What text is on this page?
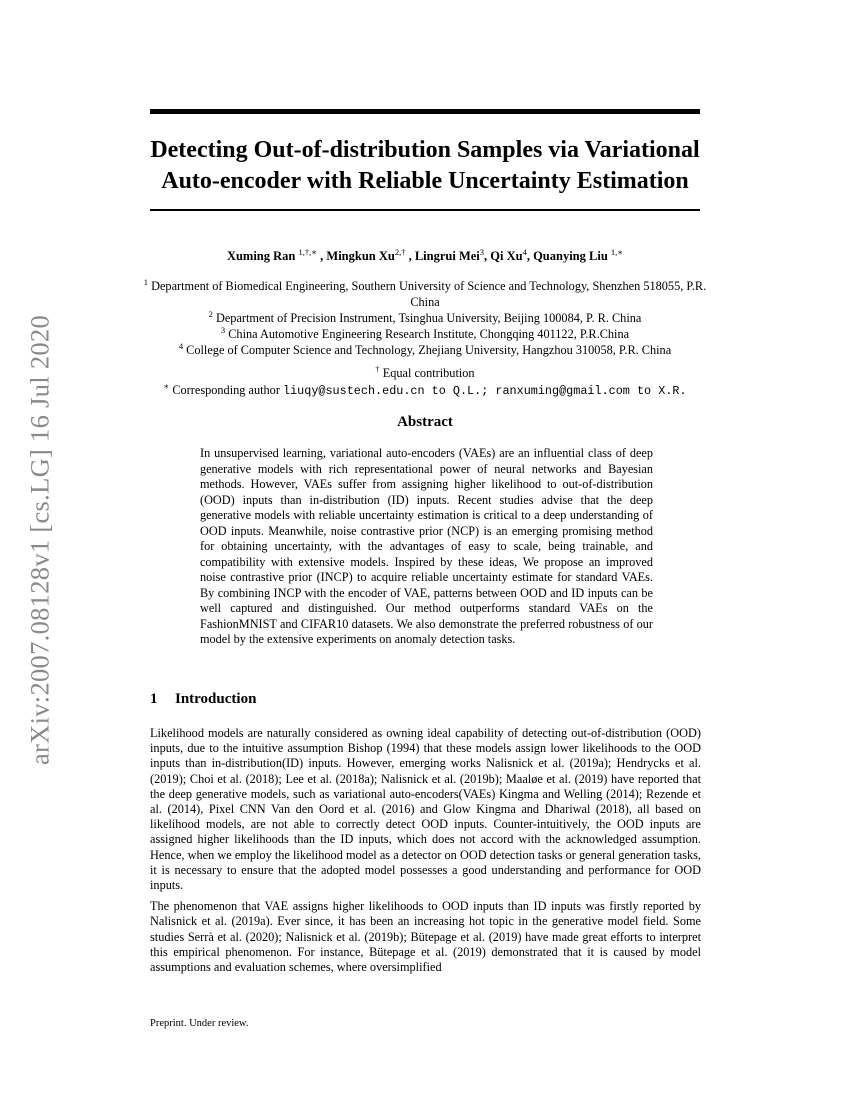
arXiv:2007.08128v1 [cs.LG] 16 Jul 2020
Detecting Out-of-distribution Samples via Variational Auto-encoder with Reliable Uncertainty Estimation
Xuming Ran $^{1,\dagger,∗}$ , Mingkun $Xu^{2,\dagger}$ , Lingrui Mei$^3$, Qi Xu$^4$, Quanying Liu $^{1,∗}$
$^1$ Department of Biomedical Engineering, Southern University of Science and Technology, Shenzhen 518055, P.R. China
$^2$ Department of Precision Instrument, Tsinghua University, Beijing 100084, P. R. China
$^3$ China Automotive Engineering Research Institute, Chongqing 401122, P.R.China
$^4$ College of Computer Science and Technology, Zhejiang University, Hangzhou 310058, P.R. China
† Equal contribution
∗ Corresponding author liuqy@sustech.edu.cn to Q.L.; ranxuming@gmail.com to X.R.
Abstract
In unsupervised learning, variational auto-encoders (VAEs) are an influential class of deep generative models with rich representational power of neural networks and Bayesian methods. However, VAEs suffer from assigning higher likelihood to out-of-distribution (OOD) inputs than in-distribution (ID) inputs. Recent studies advise that the deep generative models with reliable uncertainty estimation is critical to a deep understanding of OOD inputs. Meanwhile, noise contrastive prior (NCP) is an emerging promising method for obtaining uncertainty, with the advantages of easy to scale, being trainable, and compatibility with extensive models. Inspired by these ideas, We propose an improved noise contrastive prior (INCP) to acquire reliable uncertainty estimate for standard VAEs. By combining INCP with the encoder of VAE, patterns between OOD and ID inputs can be well captured and distinguished. Our method outperforms standard VAEs on the FashionMNIST and CIFAR10 datasets. We also demonstrate the preferred robustness of our model by the extensive experiments on anomaly detection tasks.
1 Introduction

Likelihood models are naturally considered as owning ideal capability of detecting out-of-distribution (OOD) inputs, due to the intuitive assumption Bishop (1994) that these models assign lower likelihoods to the OOD inputs than in-distribution(ID) inputs. However, emerging works Nalisnick et al. (2019a); Hendrycks et al. (2019); Choi et al. (2018); Lee et al. (2018a); Nalisnick et al. (2019b); Maaløe et al. (2019) have reported that the deep generative models, such as variational auto-encoders(VAEs) Kingma and Welling (2014); Rezende et al. (2014), Pixel CNN Van den Oord et al. (2016) and Glow Kingma and Dhariwal (2018), all based on likelihood models, are not able to correctly detect OOD inputs. Counter-intuitively, the OOD inputs are assigned higher likelihoods than the ID inputs, which does not accord with the acknowledged assumption. Hence, when we employ the likelihood model as a detector on OOD detection tasks or general generation tasks, it is necessary to ensure that the adopted model possesses a good understanding and performance for OOD inputs.

The phenomenon that VAE assigns higher likelihoods to OOD inputs than ID inputs was firstly reported by Nalisnick et al. (2019a). Ever since, it has been an increasing hot topic in the generative model field. Some studies Serrà et al. (2020); Nalisnick et al. (2019b); Bütepage et al. (2019) have made great efforts to interpret this empirical phenomenon. For instance, Bütepage et al. (2019) demonstrated that it is caused by model assumptions and evaluation schemes, where oversimplified

Preprint. Under review.
